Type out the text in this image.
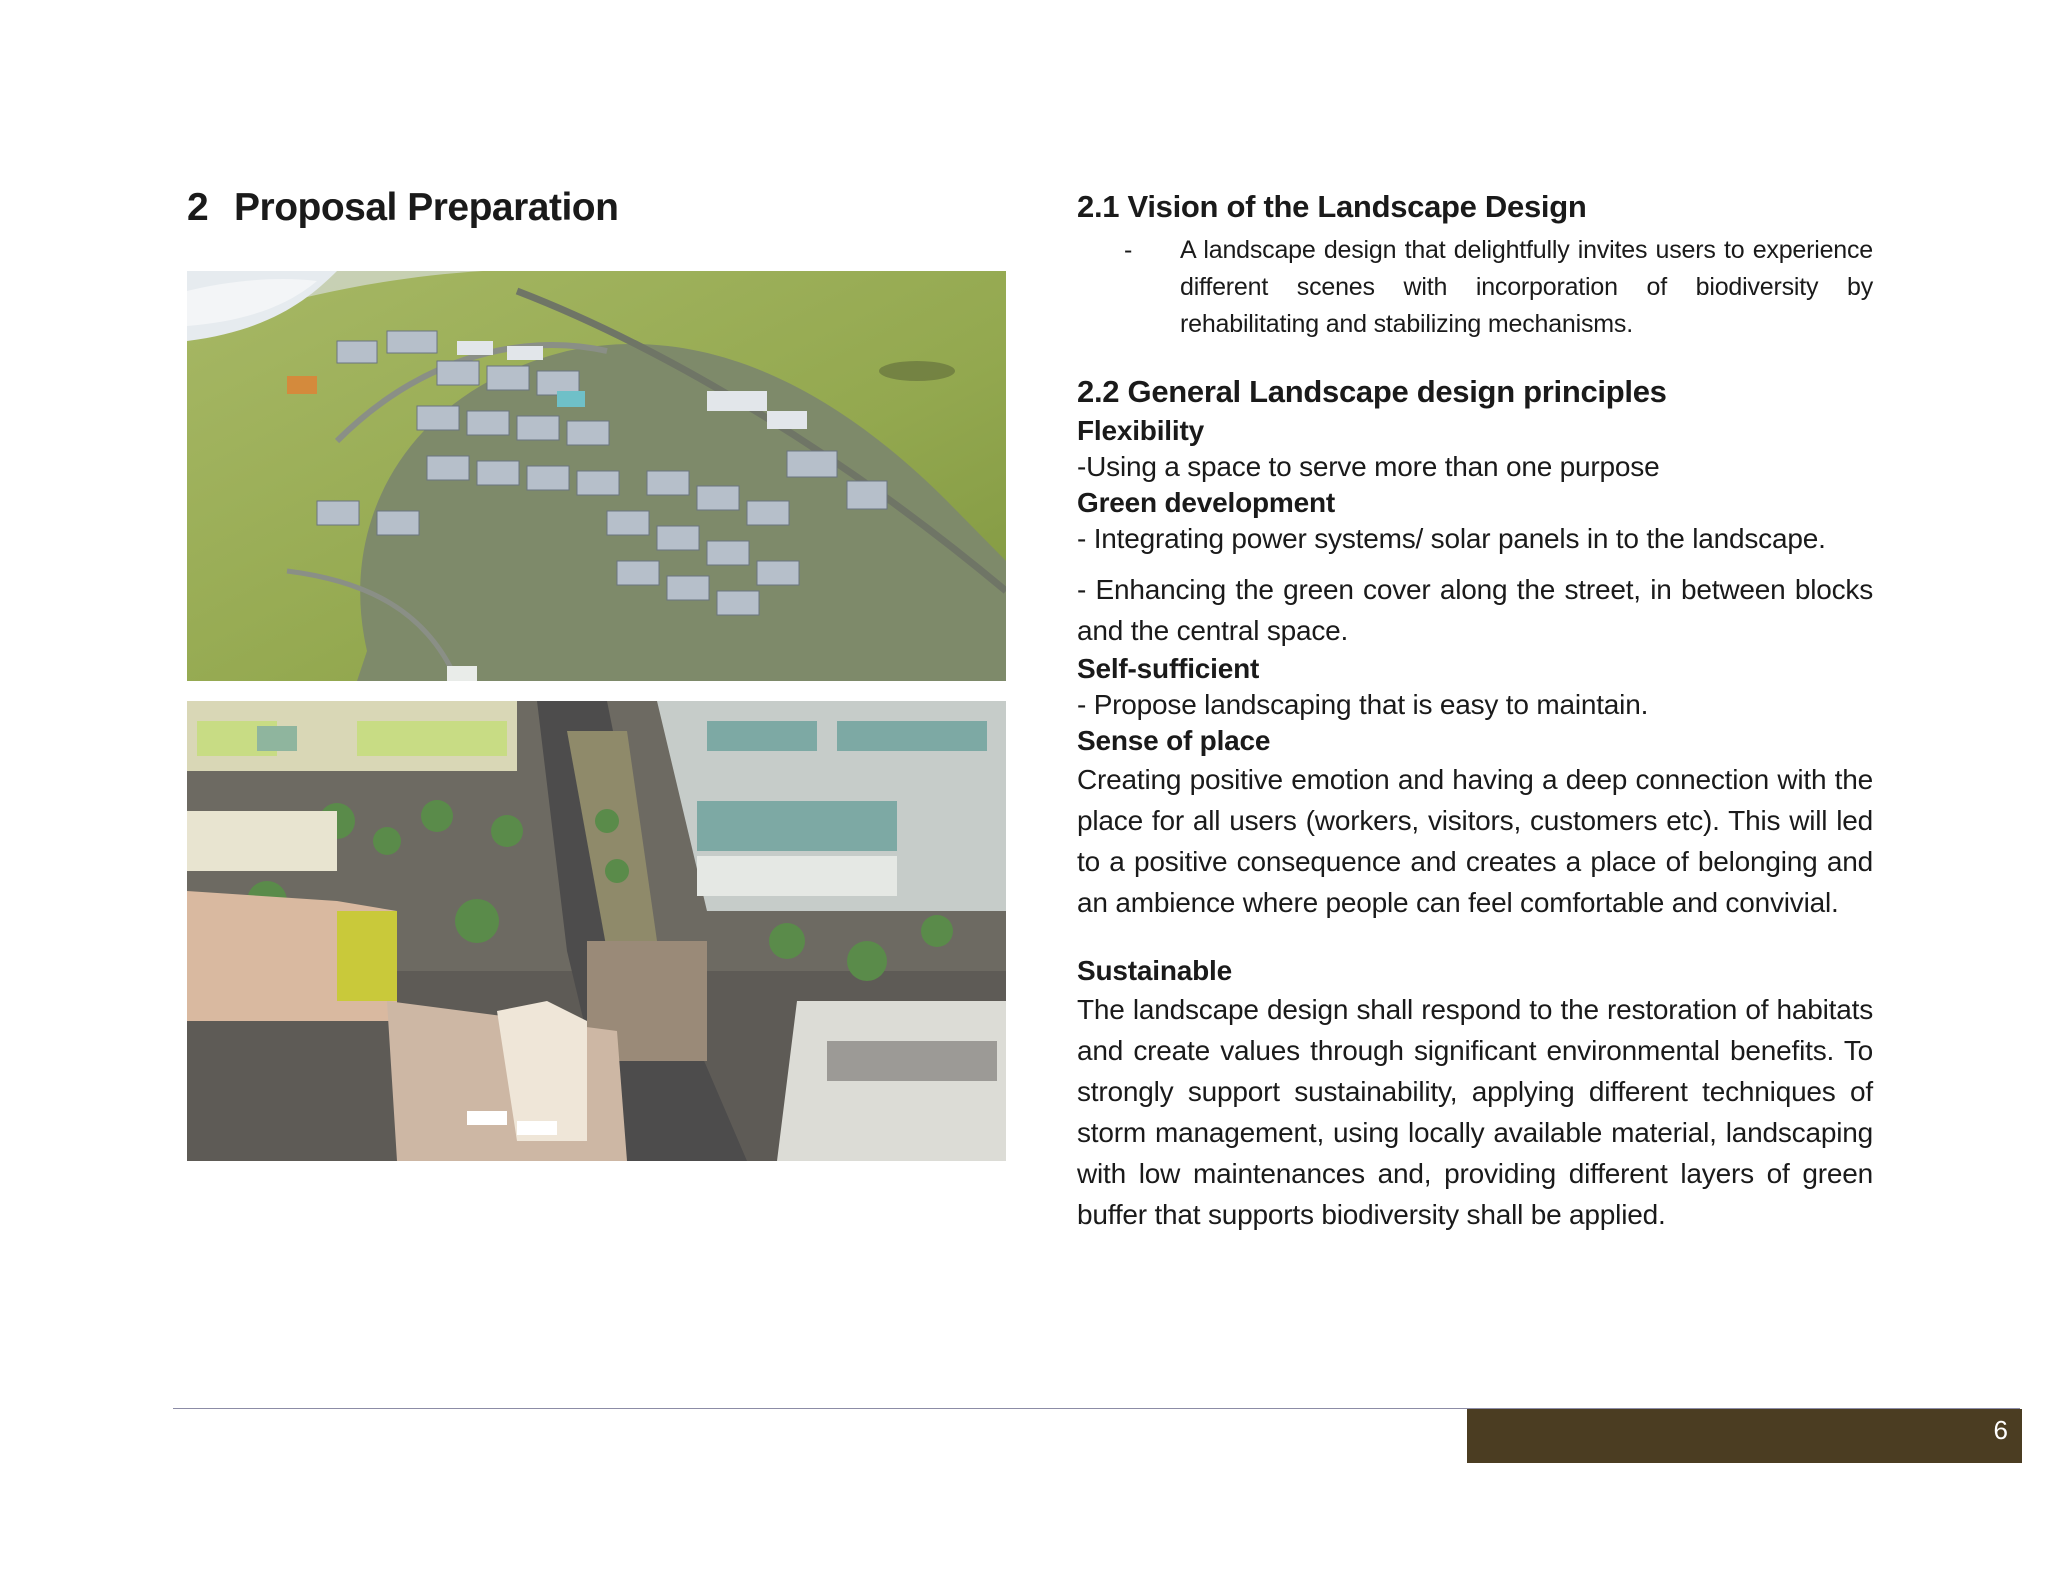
2 Proposal Preparation	2.1 Vision of the Landscape Design
-	A landscape design that delightfully invites users to experience different scenes with incorporation of biodiversity by rehabilitating and stabilizing mechanisms.
2.2 General Landscape design principles

Flexibility

-Using a space to serve more than one purpose

Green development

- Integrating power systems/ solar panels in to the landscape.

- Enhancing the green cover along the street, in between blocks and the central space.

Self-sufficient

- Propose landscaping that is easy to maintain.

Sense of place

Creating positive emotion and having a deep connection with the place for all users (workers, visitors, customers etc). This will led to a positive consequence and creates a place of belonging and an ambience where people can feel comfortable and convivial.

Sustainable

The landscape design shall respond to the restoration of habitats and create values through significant environmental benefits. To strongly support sustainability, applying different techniques of storm management, using locally available material, landscaping with low maintenances and, providing different layers of green buffer that supports biodiversity shall be applied.

6
